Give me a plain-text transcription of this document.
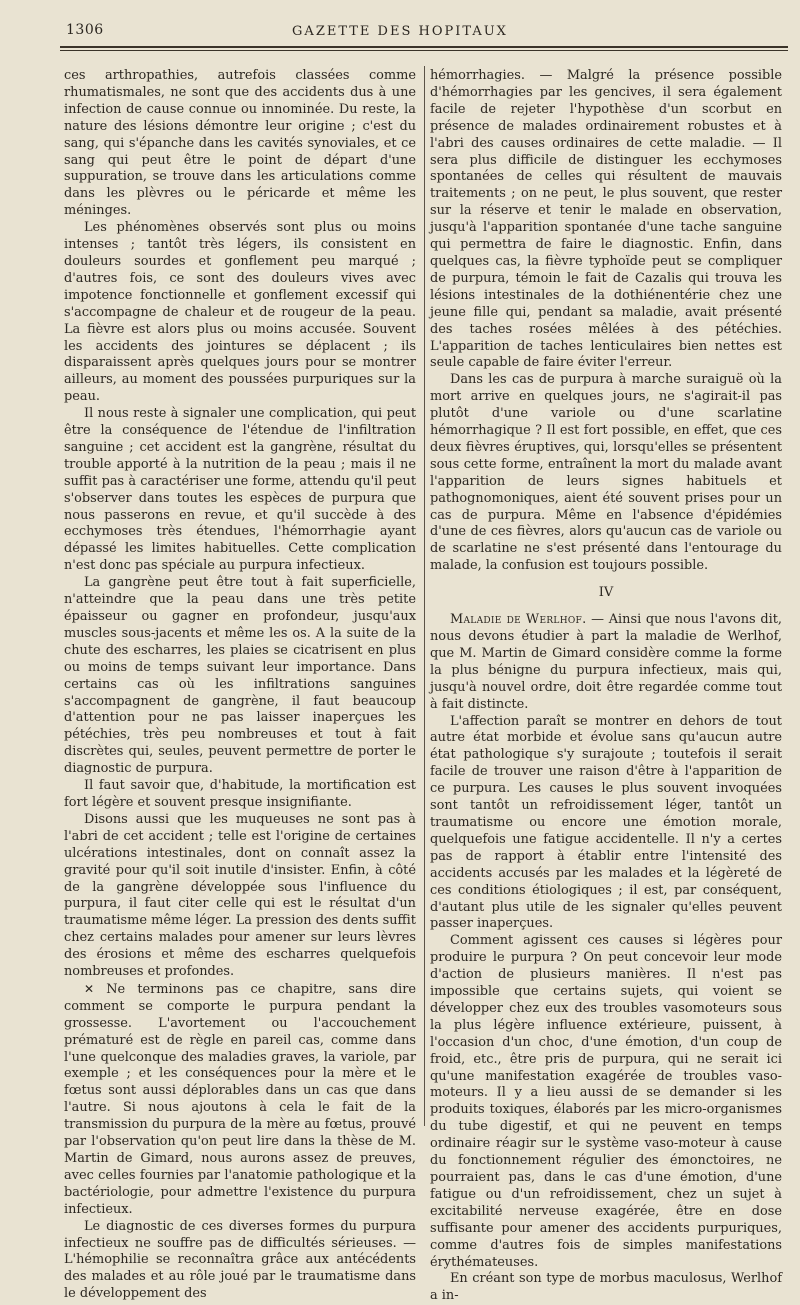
1306	GAZETTE DES HOPITAUX

ces arthropathies, autrefois classées comme rhumatismales, ne sont que des accidents dus à une infection de cause connue ou innominée. Du reste, la nature des lésions démontre leur origine ; c'est du sang, qui s'épanche dans les cavités synoviales, et ce sang qui peut être le point de départ d'une suppuration, se trouve dans les articulations comme dans les plèvres ou le péricarde et même les méninges.

Les phénomènes observés sont plus ou moins intenses ; tantôt très légers, ils consistent en douleurs sourdes et gonflement peu marqué ; d'autres fois, ce sont des douleurs vives avec impotence fonctionnelle et gonflement excessif qui s'accompagne de chaleur et de rougeur de la peau. La fièvre est alors plus ou moins accusée. Souvent les accidents des jointures se déplacent ; ils disparaissent après quelques jours pour se montrer ailleurs, au moment des poussées purpuriques sur la peau.

Il nous reste à signaler une complication, qui peut être la conséquence de l'étendue de l'infiltration sanguine ; cet accident est la gangrène, résultat du trouble apporté à la nutrition de la peau ; mais il ne suffit pas à caractériser une forme, attendu qu'il peut s'observer dans toutes les espèces de purpura que nous passerons en revue, et qu'il succède à des ecchymoses très étendues, l'hémorrhagie ayant dépassé les limites habituelles. Cette complication n'est donc pas spéciale au purpura infectieux.

La gangrène peut être tout à fait superficielle, n'atteindre que la peau dans une très petite épaisseur ou gagner en profondeur, jusqu'aux muscles sous-jacents et même les os. A la suite de la chute des escharres, les plaies se cicatrisent en plus ou moins de temps suivant leur importance. Dans certains cas où les infiltrations sanguines s'accompagnent de gangrène, il faut beaucoup d'attention pour ne pas laisser inaperçues les pétéchies, très peu nombreuses et tout à fait discrètes qui, seules, peuvent permettre de porter le diagnostic de purpura.

Il faut savoir que, d'habitude, la mortification est fort légère et souvent presque insignifiante.

Disons aussi que les muqueuses ne sont pas à l'abri de cet accident ; telle est l'origine de certaines ulcérations intestinales, dont on connaît assez la gravité pour qu'il soit inutile d'insister. Enfin, à côté de la gangrène développée sous l'influence du purpura, il faut citer celle qui est le résultat d'un traumatisme même léger. La pression des dents suffit chez certains malades pour amener sur leurs lèvres des érosions et même des escharres quelquefois nombreuses et profondes.

✕ Ne terminons pas ce chapitre, sans dire comment se comporte le purpura pendant la grossesse. L'avortement ou l'accouchement prématuré est de règle en pareil cas, comme dans l'une quelconque des maladies graves, la variole, par exemple ; et les conséquences pour la mère et le fœtus sont aussi déplorables dans un cas que dans l'autre. Si nous ajoutons à cela le fait de la transmission du purpura de la mère au fœtus, prouvé par l'observation qu'on peut lire dans la thèse de M. Martin de Gimard, nous aurons assez de preuves, avec celles fournies par l'anatomie pathologique et la bactériologie, pour admettre l'existence du purpura infectieux.

Le diagnostic de ces diverses formes du purpura infectieux ne souffre pas de difficultés sérieuses. — L'hémophilie se reconnaîtra grâce aux antécédents des malades et au rôle joué par le traumatisme dans le développement des

hémorrhagies. — Malgré la présence possible d'hémorrhagies par les gencives, il sera également facile de rejeter l'hypothèse d'un scorbut en présence de malades ordinairement robustes et à l'abri des causes ordinaires de cette maladie. — Il sera plus difficile de distinguer les ecchymoses spontanées de celles qui résultent de mauvais traitements ; on ne peut, le plus souvent, que rester sur la réserve et tenir le malade en observation, jusqu'à l'apparition spontanée d'une tache sanguine qui permettra de faire le diagnostic. Enfin, dans quelques cas, la fièvre typhoïde peut se compliquer de purpura, témoin le fait de Cazalis qui trouva les lésions intestinales de la dothiénentérie chez une jeune fille qui, pendant sa maladie, avait présenté des taches rosées mêlées à des pétéchies. L'apparition de taches lenticulaires bien nettes est seule capable de faire éviter l'erreur.

Dans les cas de purpura à marche suraiguë où la mort arrive en quelques jours, ne s'agirait-il pas plutôt d'une variole ou d'une scarlatine hémorrhagique ? Il est fort possible, en effet, que ces deux fièvres éruptives, qui, lorsqu'elles se présentent sous cette forme, entraînent la mort du malade avant l'apparition de leurs signes habituels et pathognomoniques, aient été souvent prises pour un cas de purpura. Même en l'absence d'épidémies d'une de ces fièvres, alors qu'aucun cas de variole ou de scarlatine ne s'est présenté dans l'entourage du malade, la confusion est toujours possible.

IV

Maladie de Werlhof. — Ainsi que nous l'avons dit, nous devons étudier à part la maladie de Werlhof, que M. Martin de Gimard considère comme la forme la plus bénigne du purpura infectieux, mais qui, jusqu'à nouvel ordre, doit être regardée comme tout à fait distincte.

L'affection paraît se montrer en dehors de tout autre état morbide et évolue sans qu'aucun autre état pathologique s'y surajoute ; toutefois il serait facile de trouver une raison d'être à l'apparition de ce purpura. Les causes le plus souvent invoquées sont tantôt un refroidissement léger, tantôt un traumatisme ou encore une émotion morale, quelquefois une fatigue accidentelle. Il n'y a certes pas de rapport à établir entre l'intensité des accidents accusés par les malades et la légèreté de ces conditions étiologiques ; il est, par conséquent, d'autant plus utile de les signaler qu'elles peuvent passer inaperçues.

Comment agissent ces causes si légères pour produire le purpura ? On peut concevoir leur mode d'action de plusieurs manières. Il n'est pas impossible que certains sujets, qui voient se développer chez eux des troubles vasomoteurs sous la plus légère influence extérieure, puissent, à l'occasion d'un choc, d'une émotion, d'un coup de froid, etc., être pris de purpura, qui ne serait ici qu'une manifestation exagérée de troubles vaso-moteurs. Il y a lieu aussi de se demander si les produits toxiques, élaborés par les micro-organismes du tube digestif, et qui ne peuvent en temps ordinaire réagir sur le système vaso-moteur à cause du fonctionnement régulier des émonctoires, ne pourraient pas, dans le cas d'une émotion, d'une fatigue ou d'un refroidissement, chez un sujet à excitabilité nerveuse exagérée, être en dose suffisante pour amener des accidents purpuriques, comme d'autres fois de simples manifestations érythémateuses.

En créant son type de morbus maculosus, Werlhof a in-
